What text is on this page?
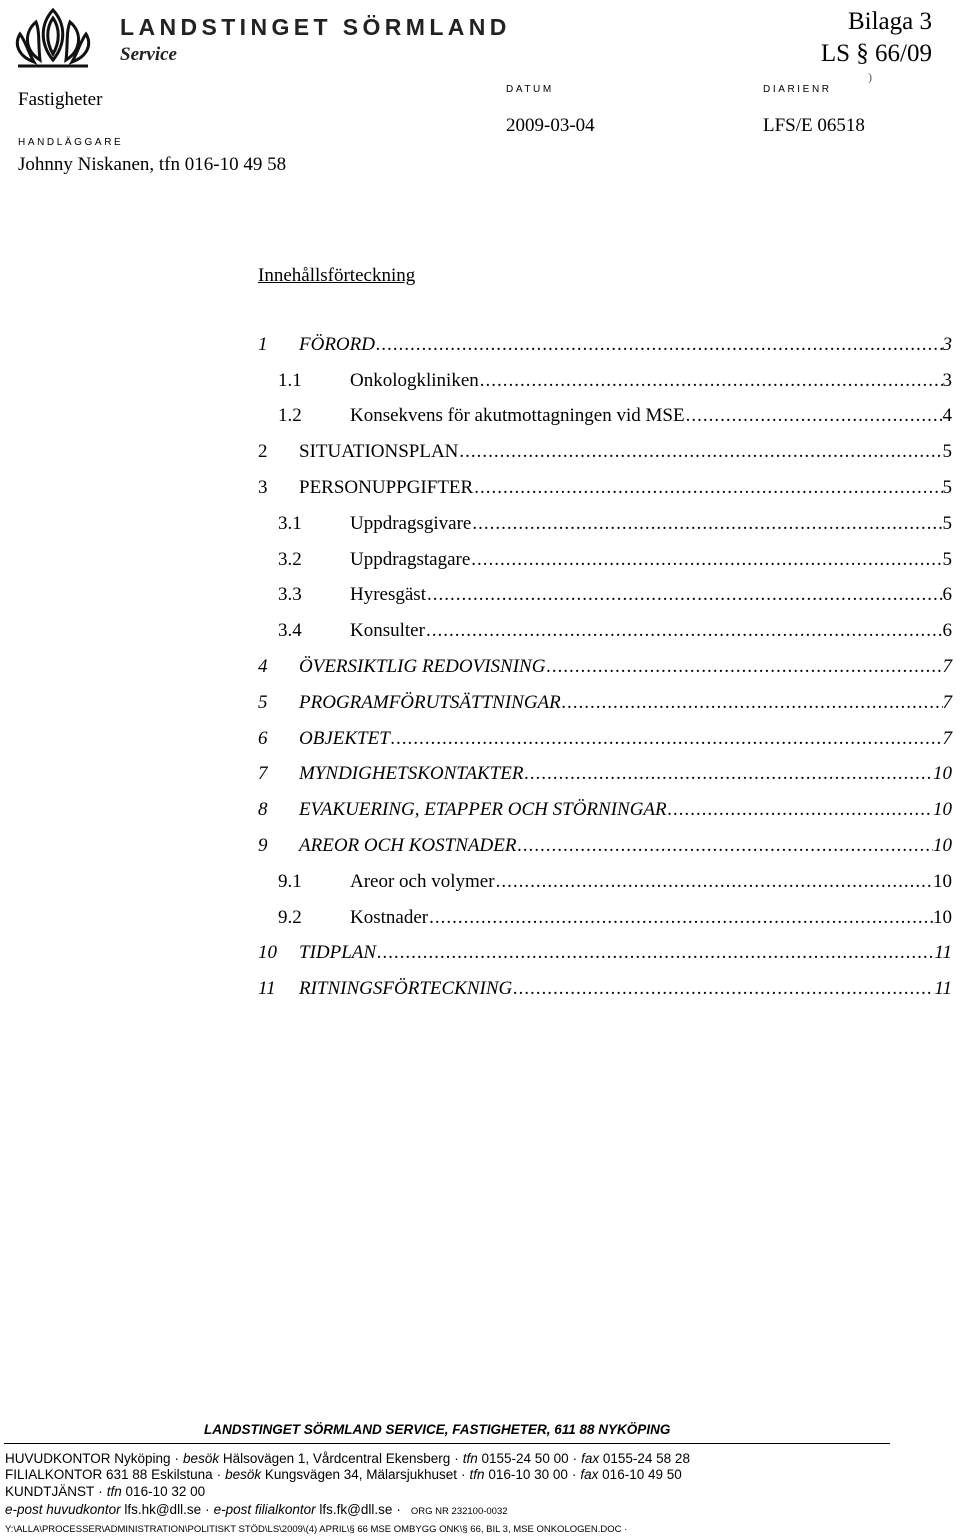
LANDSTINGET SÖRMLAND
Service
Bilaga 3
LS § 66/09
)
Fastigheter
HANDLÄGGARE
Johnny Niskanen, tfn 016-10 49 58
DATUM
2009-03-04
DIARIENR
LFS/E 06518
Innehållsförteckning
1	FÖRORD .....	3
1.1	Onkologkliniken .....	3
1.2	Konsekvens för akutmottagningen vid MSE .....	4
2	SITUATIONSPLAN .....	5
3	PERSONUPPGIFTER .....	5
3.1	Uppdragsgivare .....	5
3.2	Uppdragstagare .....	5
3.3	Hyresgäst .....	6
3.4	Konsulter .....	6
4	ÖVERSIKTLIG REDOVISNING .....	7
5	PROGRAMFÖRUTSÄTTNINGAR .....	7
6	OBJEKTET .....	7
7	MYNDIGHETSKONTAKTER .....	10
8	EVAKUERING, ETAPPER OCH STÖRNINGAR .....	10
9	AREOR OCH KOSTNADER .....	10
9.1	Areor och volymer .....	10
9.2	Kostnader .....	10
10	TIDPLAN .....	11
11	RITNINGSFÖRTECKNING .....	11
LANDSTINGET SÖRMLAND SERVICE, FASTIGHETER, 611 88 NYKÖPING
HUVUDKONTOR Nyköping · besök Hälsovägen 1, Vårdcentral Ekensberg · tfn 0155-24 50 00 · fax 0155-24 58 28
FILIALKONTOR 631 88 Eskilstuna · besök Kungsvägen 34, Mälarsjukhuset · tfn 016-10 30 00 · fax 016-10 49 50
KUNDTJÄNST · tfn 016-10 32 00
e-post huvudkontor lfs.hk@dll.se · e-post filialkontor lfs.fk@dll.se · ORG NR 232100-0032
Y:\ALLA\PROCESSER\ADMINISTRATION\POLITISKT STÖD\LS\2009\(4) APRIL\§ 66 MSE OMBYGG ONK\§ 66, BIL 3, MSE ONKOLOGEN.DOC ·
